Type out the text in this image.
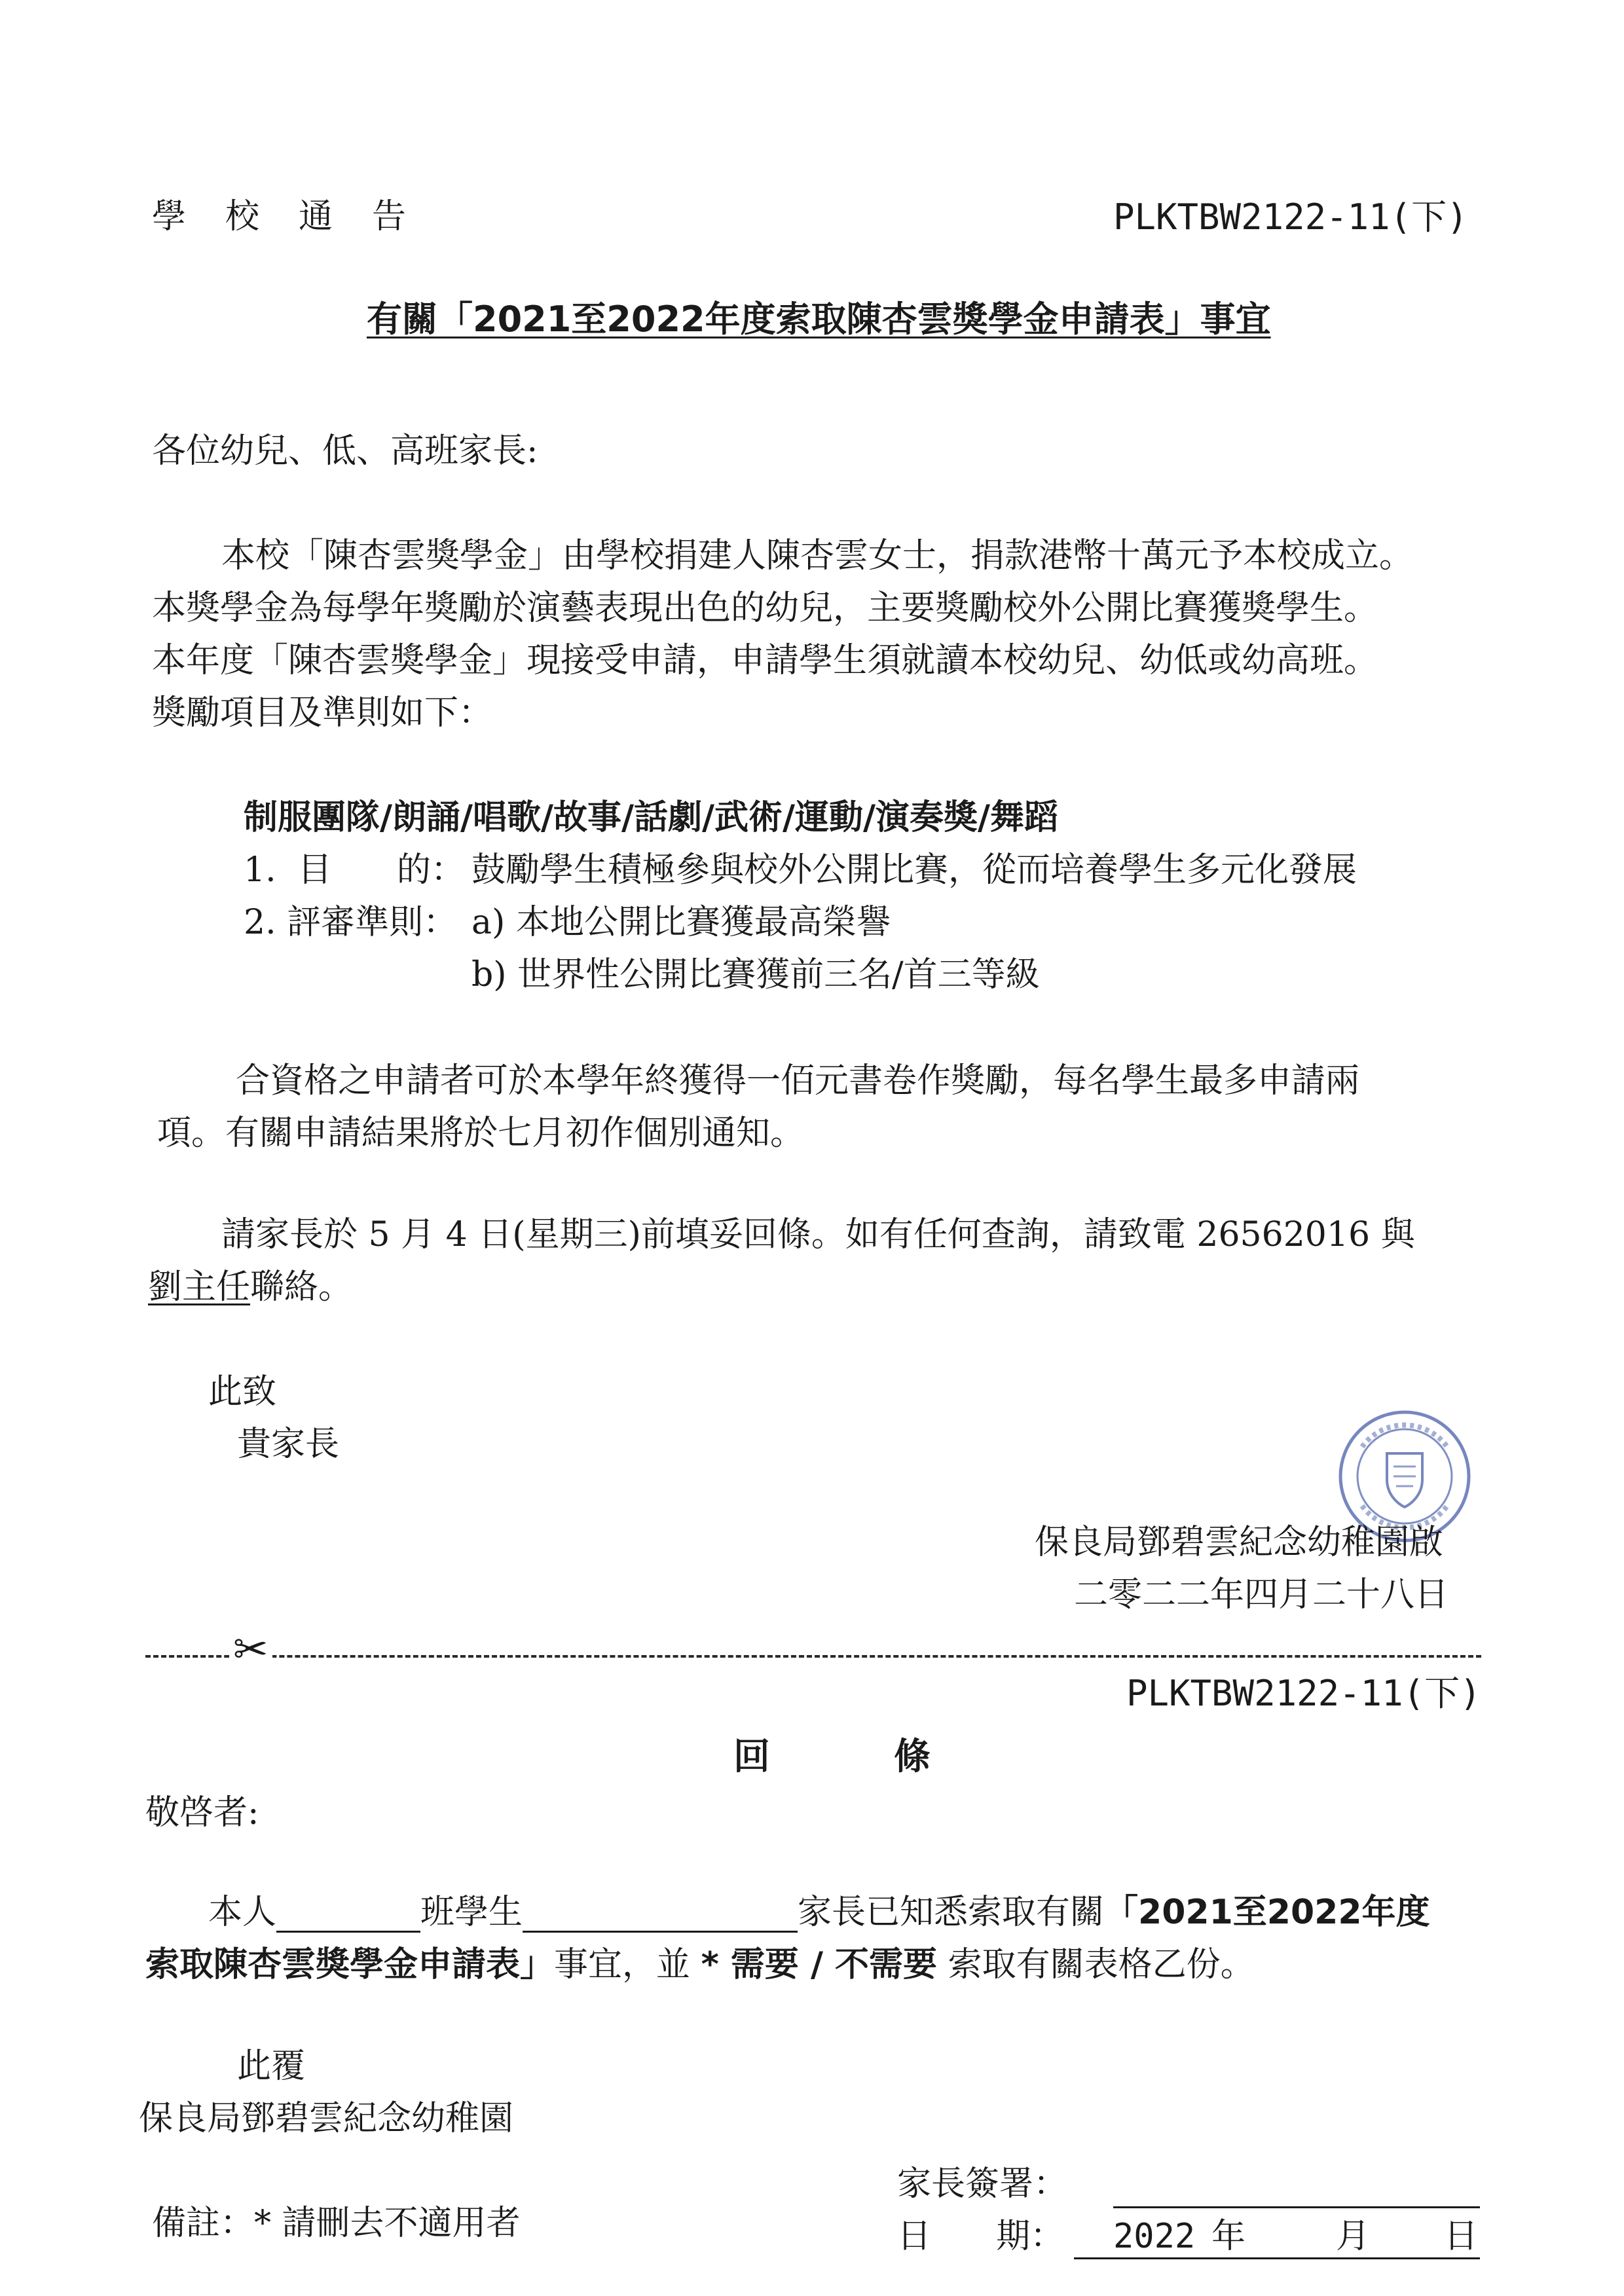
學校通告	PLKTBW2122-11(下)
有關「2021至2022年度索取陳杏雲獎學金申請表」事宜
各位幼兒、低、高班家長:
本校「陳杏雲獎學金」由學校捐建人陳杏雲女士，捐款港幣十萬元予本校成立。
本獎學金為每學年獎勵於演藝表現出色的幼兒，主要獎勵校外公開比賽獲獎學生。
本年度「陳杏雲獎學金」現接受申請，申請學生須就讀本校幼兒、幼低或幼高班。
獎勵項目及準則如下：
制服團隊/朗誦/唱歌/故事/話劇/武術/運動/演奏獎/舞蹈
1.  目      的： 鼓勵學生積極參與校外公開比賽，從而培養學生多元化發展
2. 評審準則： a) 本地公開比賽獲最高榮譽
b) 世界性公開比賽獲前三名/首三等級
合資格之申請者可於本學年終獲得一佰元書卷作獎勵，每名學生最多申請兩
項。有關申請結果將於七月初作個別通知。
請家長於 5 月 4 日(星期三)前填妥回條。如有任何查詢，請致電 26562016 與
劉主任聯絡。
此致
貴家長
保良局鄧碧雲紀念幼稚園啟
二零二二年四月二十八日
✂
PLKTBW2122-11(下)
回  條
敬啓者:
本人	班學生	家長已知悉索取有關「2021至2022年度
索取陳杏雲獎學金申請表」事宜，並 * 需要 / 不需要 索取有關表格乙份。
此覆
保良局鄧碧雲紀念幼稚園
家長簽署：
備註：* 請刪去不適用者	日      期： 2022 年	月 日
